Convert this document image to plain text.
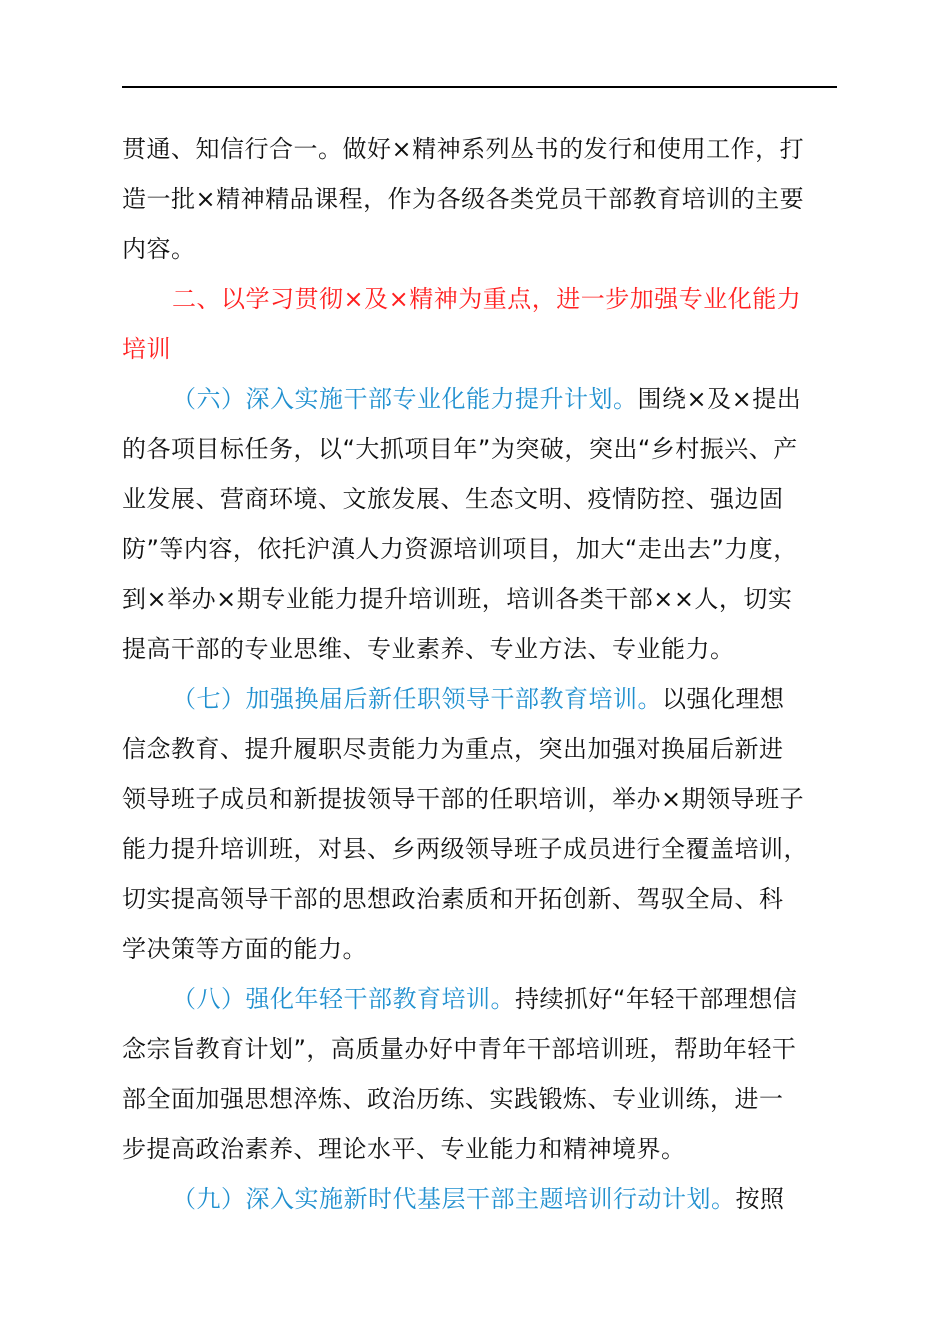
贯通、知信行合一。做好×精神系列丛书的发行和使用工作，打
造一批×精神精品课程，作为各级各类党员干部教育培训的主要
内容。
二、以学习贯彻×及×精神为重点，进一步加强专业化能力
培训
（六）深入实施干部专业化能力提升计划。围绕×及×提出
的各项目标任务，以“大抓项目年”为突破，突出“乡村振兴、产
业发展、营商环境、文旅发展、生态文明、疫情防控、强边固
防”等内容，依托沪滇人力资源培训项目，加大“走出去”力度，
到×举办×期专业能力提升培训班，培训各类干部××人，切实
提高干部的专业思维、专业素养、专业方法、专业能力。
（七）加强换届后新任职领导干部教育培训。以强化理想
信念教育、提升履职尽责能力为重点，突出加强对换届后新进
领导班子成员和新提拔领导干部的任职培训，举办×期领导班子
能力提升培训班，对县、乡两级领导班子成员进行全覆盖培训，
切实提高领导干部的思想政治素质和开拓创新、驾驭全局、科
学决策等方面的能力。
（八）强化年轻干部教育培训。持续抓好“年轻干部理想信
念宗旨教育计划”，高质量办好中青年干部培训班，帮助年轻干
部全面加强思想淬炼、政治历练、实践锻炼、专业训练，进一
步提高政治素养、理论水平、专业能力和精神境界。
（九）深入实施新时代基层干部主题培训行动计划。按照
